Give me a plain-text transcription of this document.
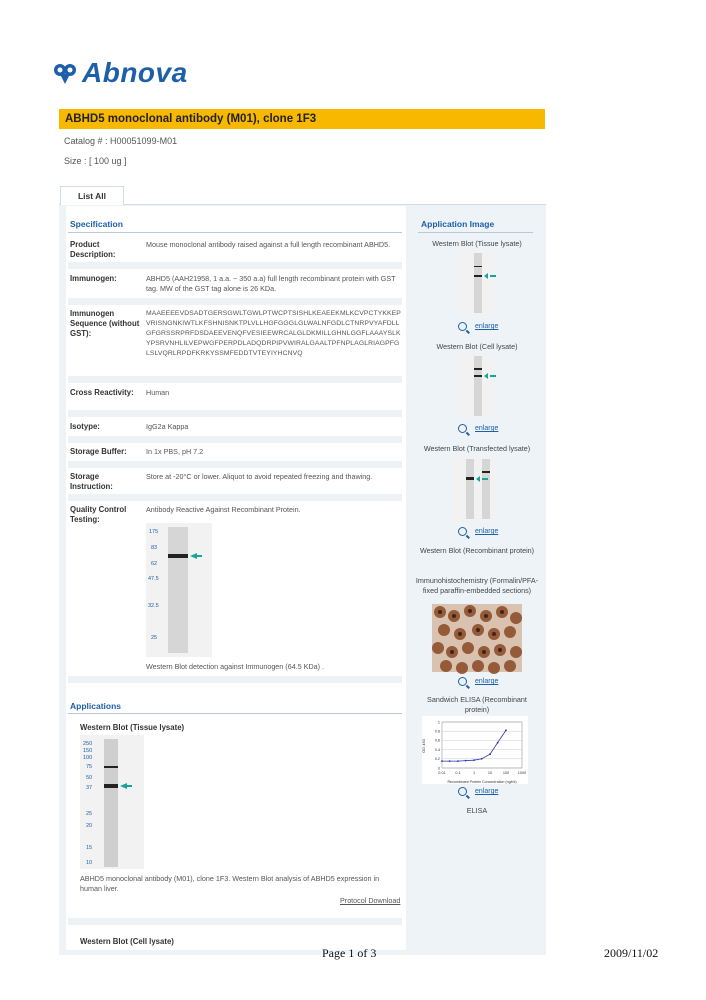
Abnova
ABHD5 monoclonal antibody (M01), clone 1F3
Catalog # : H00051099-M01
Size : [ 100 ug ]
List All
Specification
Product Description:
Mouse monoclonal antibody raised against a full length recombinant ABHD5.
Immunogen:	ABHD5 (AAH21958, 1 a.a. ~ 350 a.a) full length recombinant protein with GST tag. MW of the GST tag alone is 26 KDa.
Immunogen Sequence (without GST):
MAAEEEEVDSADTGERSGWLTGWLPTWCPTSISHLKEAEEKMLKCVPCTYKKEPVRISNGNKIWTLKFSHNISNKTPLVLLHGFGGGLGLWALNFGDLCTNRPVYAFDLLGFGRSSRPRFDSDAEEVENQFVESIEEWRCALGLDKMILLGHNLGGFLAAAYSLKYPSRVNHLILVEPWGFPERPDLADQDRPIPVWIRALGAALTPFNPLAGLRIAGPFGLSLVQRLRPDFKRKYSSMFEDDTVTEYIYHCNVQ
Cross Reactivity:	Human
Isotype:	IgG2a Kappa
Storage Buffer:	In 1x PBS, pH 7.2
Storage Instruction:
Store at -20°C or lower. Aliquot to avoid repeated freezing and thawing.
Quality Control Testing:
Antibody Reactive Against Recombinant Protein.
175
83
62
47.5
32.5
25
Western Blot detection against Immunogen (64.5 KDa) .
Applications
Western Blot (Tissue lysate)
250
150
100
75
50
37
25
20
15
10
ABHD5 monoclonal antibody (M01), clone 1F3. Western Blot analysis of ABHD5 expression in human liver.
Protocol Download
Western Blot (Cell lysate)
Application Image
Western Blot (Tissue lysate)
enlarge
Western Blot (Cell lysate)
enlarge
Western Blot (Transfected lysate)
enlarge
Western Blot (Recombinant protein)
Immunohistochemistry (Formalin/PFA-fixed paraffin-embedded sections)
enlarge
Sandwich ELISA (Recombinant protein)
1
0.8
0.6
0.4
0.2
0
0.01	0.1	1	10	100 1000
OD 450
Recombinant Protein Concentration (ng/ml)
enlarge
ELISA
Page 1 of 3	2009/11/02
